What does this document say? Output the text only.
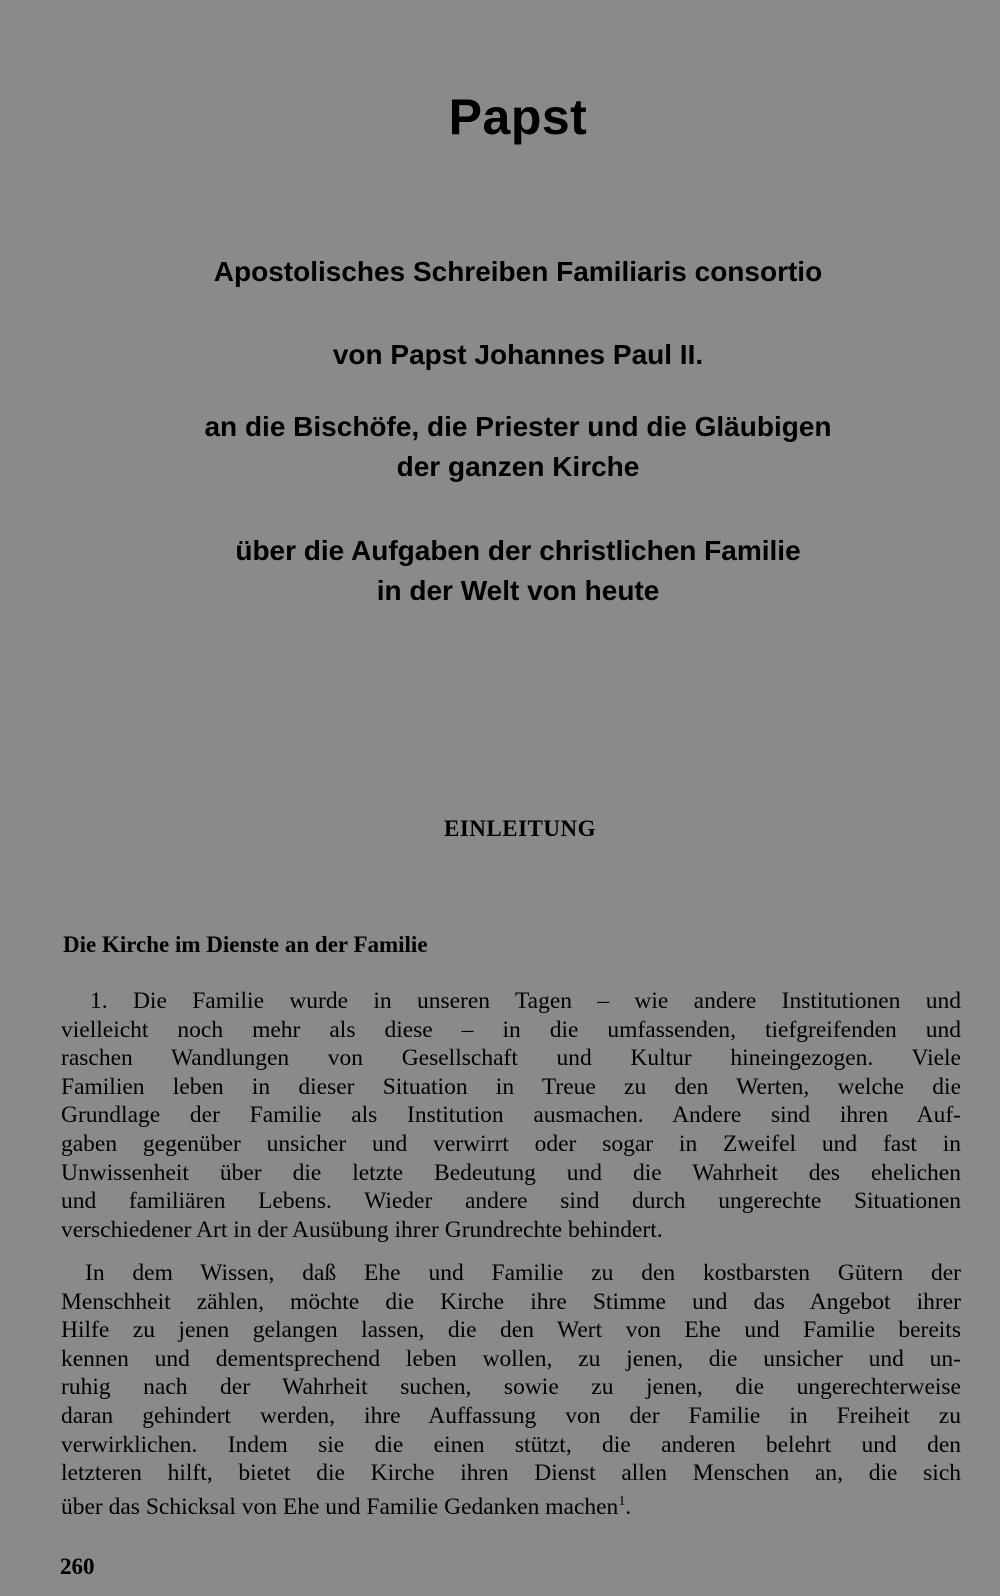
Papst
Apostolisches Schreiben Familiaris consortio
von Papst Johannes Paul II.
an die Bischöfe, die Priester und die Gläubigen
der ganzen Kirche
über die Aufgaben der christlichen Familie
in der Welt von heute
EINLEITUNG
Die Kirche im Dienste an der Familie
1. Die Familie wurde in unseren Tagen – wie andere Institutionen und
vielleicht noch mehr als diese – in die umfassenden, tiefgreifenden und
raschen Wandlungen von Gesellschaft und Kultur hineingezogen. Viele
Familien leben in dieser Situation in Treue zu den Werten, welche die
Grundlage der Familie als Institution ausmachen. Andere sind ihren Auf-
gaben gegenüber unsicher und verwirrt oder sogar in Zweifel und fast in
Unwissenheit über die letzte Bedeutung und die Wahrheit des ehelichen
und familiären Lebens. Wieder andere sind durch ungerechte Situationen
verschiedener Art in der Ausübung ihrer Grundrechte behindert.
In dem Wissen, daß Ehe und Familie zu den kostbarsten Gütern der
Menschheit zählen, möchte die Kirche ihre Stimme und das Angebot ihrer
Hilfe zu jenen gelangen lassen, die den Wert von Ehe und Familie bereits
kennen und dementsprechend leben wollen, zu jenen, die unsicher und un-
ruhig nach der Wahrheit suchen, sowie zu jenen, die ungerechterweise
daran gehindert werden, ihre Auffassung von der Familie in Freiheit zu
verwirklichen. Indem sie die einen stützt, die anderen belehrt und den
letzteren hilft, bietet die Kirche ihren Dienst allen Menschen an, die sich
über das Schicksal von Ehe und Familie Gedanken machen$^1$.
260
